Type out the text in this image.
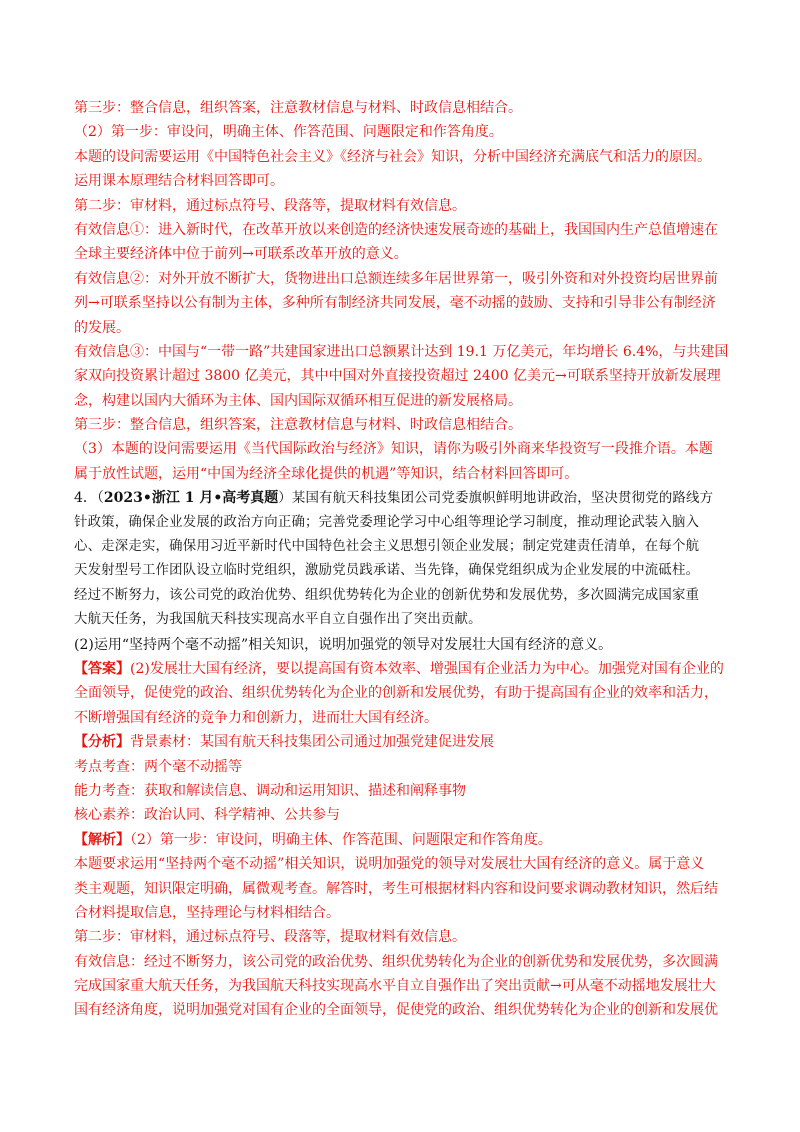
第三步：整合信息，组织答案，注意教材信息与材料、时政信息相结合。
（2）第一步：审设问，明确主体、作答范围、问题限定和作答角度。
本题的设问需要运用《中国特色社会主义》《经济与社会》知识，分析中国经济充满底气和活力的原因。
运用课本原理结合材料回答即可。
第二步：审材料，通过标点符号、段落等，提取材料有效信息。
有效信息①：进入新时代，在改革开放以来创造的经济快速发展奇迹的基础上，我国国内生产总值增速在
全球主要经济体中位于前列→可联系改革开放的意义。
有效信息②：对外开放不断扩大，货物进出口总额连续多年居世界第一，吸引外资和对外投资均居世界前
列→可联系坚持以公有制为主体，多种所有制经济共同发展，毫不动摇的鼓励、支持和引导非公有制经济
的发展。
有效信息③：中国与“一带一路”共建国家进出口总额累计达到 19.1 万亿美元，年均增长 6.4%，与共建国
家双向投资累计超过 3800 亿美元，其中中国对外直接投资超过 2400 亿美元→可联系坚持开放新发展理
念，构建以国内大循环为主体、国内国际双循环相互促进的新发展格局。
第三步：整合信息，组织答案，注意教材信息与材料、时政信息相结合。
（3）本题的设问需要运用《当代国际政治与经济》知识，请你为吸引外商来华投资写一段推介语。本题
属于放性试题，运用“中国为经济全球化提供的机遇”等知识，结合材料回答即可。
4．（2023•浙江 1 月•高考真题）某国有航天科技集团公司党委旗帜鲜明地讲政治，坚决贯彻党的路线方
针政策，确保企业发展的政治方向正确；完善党委理论学习中心组等理论学习制度，推动理论武装入脑入
心、走深走实，确保用习近平新时代中国特色社会主义思想引领企业发展；制定党建责任清单，在每个航
天发射型号工作团队设立临时党组织，激励党员践承诺、当先锋，确保党组织成为企业发展的中流砥柱。
经过不断努力，该公司党的政治优势、组织优势转化为企业的创新优势和发展优势，多次圆满完成国家重
大航天任务，为我国航天科技实现高水平自立自强作出了突出贡献。
(2)运用“坚持两个毫不动摇”相关知识，说明加强党的领导对发展壮大国有经济的意义。
【答案】(2)发展壮大国有经济，要以提高国有资本效率、增强国有企业活力为中心。加强党对国有企业的
全面领导，促使党的政治、组织优势转化为企业的创新和发展优势，有助于提高国有企业的效率和活力，
不断增强国有经济的竞争力和创新力，进而壮大国有经济。
【分析】背景素材：某国有航天科技集团公司通过加强党建促进发展
考点考查：两个毫不动摇等
能力考查：获取和解读信息、调动和运用知识、描述和阐释事物
核心素养：政治认同、科学精神、公共参与
【解析】（2）第一步：审设问，明确主体、作答范围、问题限定和作答角度。
本题要求运用“坚持两个毫不动摇”相关知识，说明加强党的领导对发展壮大国有经济的意义。属于意义
类主观题，知识限定明确，属微观考查。解答时，考生可根据材料内容和设问要求调动教材知识，然后结
合材料提取信息，坚持理论与材料相结合。
第二步：审材料，通过标点符号、段落等，提取材料有效信息。
有效信息：经过不断努力，该公司党的政治优势、组织优势转化为企业的创新优势和发展优势，多次圆满
完成国家重大航天任务，为我国航天科技实现高水平自立自强作出了突出贡献→可从毫不动摇地发展壮大
国有经济角度，说明加强党对国有企业的全面领导，促使党的政治、组织优势转化为企业的创新和发展优
